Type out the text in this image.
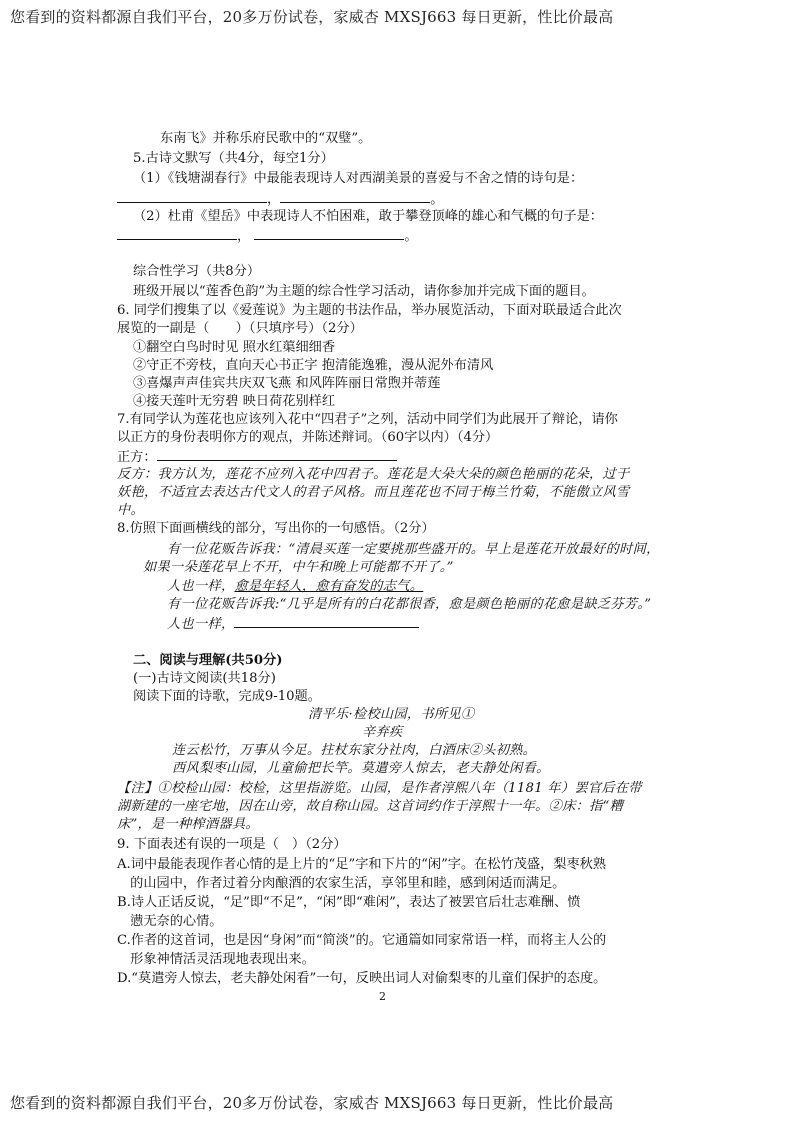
您看到的资料都源自我们平台，20多万份试卷，家威杏 MXSJ663 每日更新，性比价最高
东南飞》并称乐府民歌中的“双璧”。
5.古诗文默写（共4分，每空1分）
（1）《钱塘湖春行》中最能表现诗人对西湖美景的喜爱与不舍之情的诗句是：
，	。
（2）杜甫《望岳》中表现诗人不怕困难，敢于攀登顶峰的雄心和气概的句子是：
，	。
综合性学习（共8分）
班级开展以“莲香色韵”为主题的综合性学习活动，请你参加并完成下面的题目。
6. 同学们搜集了以《爱莲说》为主题的书法作品，举办展览活动，下面对联最适合此次
展览的一副是（　　）（只填序号）（2分）
①翻空白鸟时时见 照水红蕖细细香
②守正不旁枝，直向天心书正字 抱清能逸雅，漫从泥外布清风
③喜爆声声佳宾共庆双飞燕 和风阵阵丽日常煦并蒂莲
④接天莲叶无穷碧 映日荷花别样红
7.有同学认为莲花也应该列入花中“四君子”之列，活动中同学们为此展开了辩论，请你
以正方的身份表明你方的观点，并陈述辩词。（60字以内）（4分）
正方：
反方：我方认为，莲花不应列入花中四君子。莲花是大朵大朵的颜色艳丽的花朵，过于
妖艳，不适宜去表达古代文人的君子风格。而且莲花也不同于梅兰竹菊，不能傲立风雪
中。
8.仿照下面画横线的部分，写出你的一句感悟。（2分）
有一位花贩告诉我：“清晨买莲一定要挑那些盛开的。早上是莲花开放最好的时间，
如果一朵莲花早上不开，中午和晚上可能都不开了。”
人也一样，愈是年轻人，愈有奋发的志气。
有一位花贩告诉我:“几乎是所有的白花都很香，愈是颜色艳丽的花愈是缺乏芬芳。”
人也一样，
二、阅读与理解(共50分)
(一)古诗文阅读(共18分)
阅读下面的诗歌，完成9-10题。
清平乐·检校山园，书所见①
辛弃疾
连云松竹，万事从今足。拄杖东家分社肉，白酒床②头初熟。
西风梨枣山园，儿童偷把长竿。莫遣旁人惊去，老夫静处闲看。
【注】①校检山园：校检，这里指游览。山园，是作者淳熙八年（1181 年）罢官后在带
湖新建的一座宅地，因在山旁，故自称山园。这首词约作于淳熙十一年。②床：指“糟
床”，是一种榨酒器具。
9. 下面表述有误的一项是（　）（2分）
A.词中最能表现作者心情的是上片的“足”字和下片的“闲”字。在松竹茂盛，梨枣秋熟
　的山园中，作者过着分肉酿酒的农家生活，享邻里和睦，感到闲适而满足。
B.诗人正话反说，“足”即“不足”，“闲”即“难闲”，表达了被罢官后壮志难酬、愤
　懑无奈的心情。
C.作者的这首词，也是因“身闲”而“简淡”的。它通篇如同家常语一样，而将主人公的
　形象神情活灵活现地表现出来。
D.“莫遣旁人惊去，老夫静处闲看”一句，反映出词人对偷梨枣的儿童们保护的态度。
2
您看到的资料都源自我们平台，20多万份试卷，家威杏 MXSJ663 每日更新，性比价最高
